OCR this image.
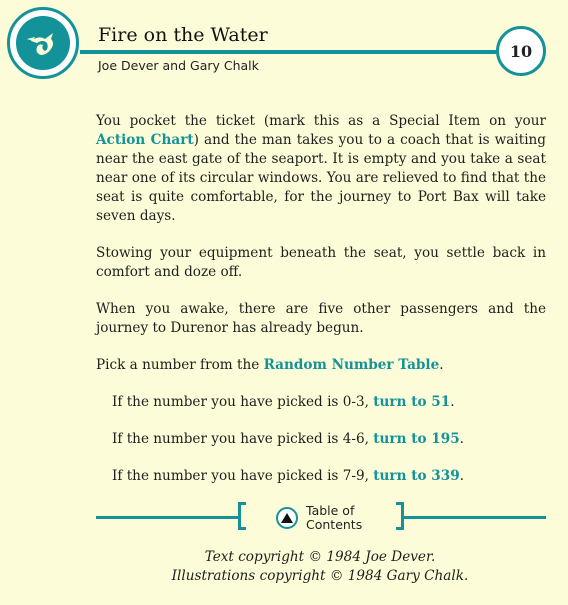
Fire on the Water
10
Joe Dever and Gary Chalk

You pocket the ticket (mark this as a Special Item on your Action Chart) and the man takes you to a coach that is waiting near the east gate of the seaport. It is empty and you take a seat near one of its circular windows. You are relieved to find that the seat is quite comfortable, for the journey to Port Bax will take seven days.

Stowing your equipment beneath the seat, you settle back in comfort and doze off.

When you awake, there are five other passengers and the journey to Durenor has already begun.

Pick a number from the Random Number Table.

If the number you have picked is 0-3, turn to 51.

If the number you have picked is 4-6, turn to 195.

If the number you have picked is 7-9, turn to 339.

Table of
Contents
Text copyright © 1984 Joe Dever.
Illustrations copyright © 1984 Gary Chalk.
